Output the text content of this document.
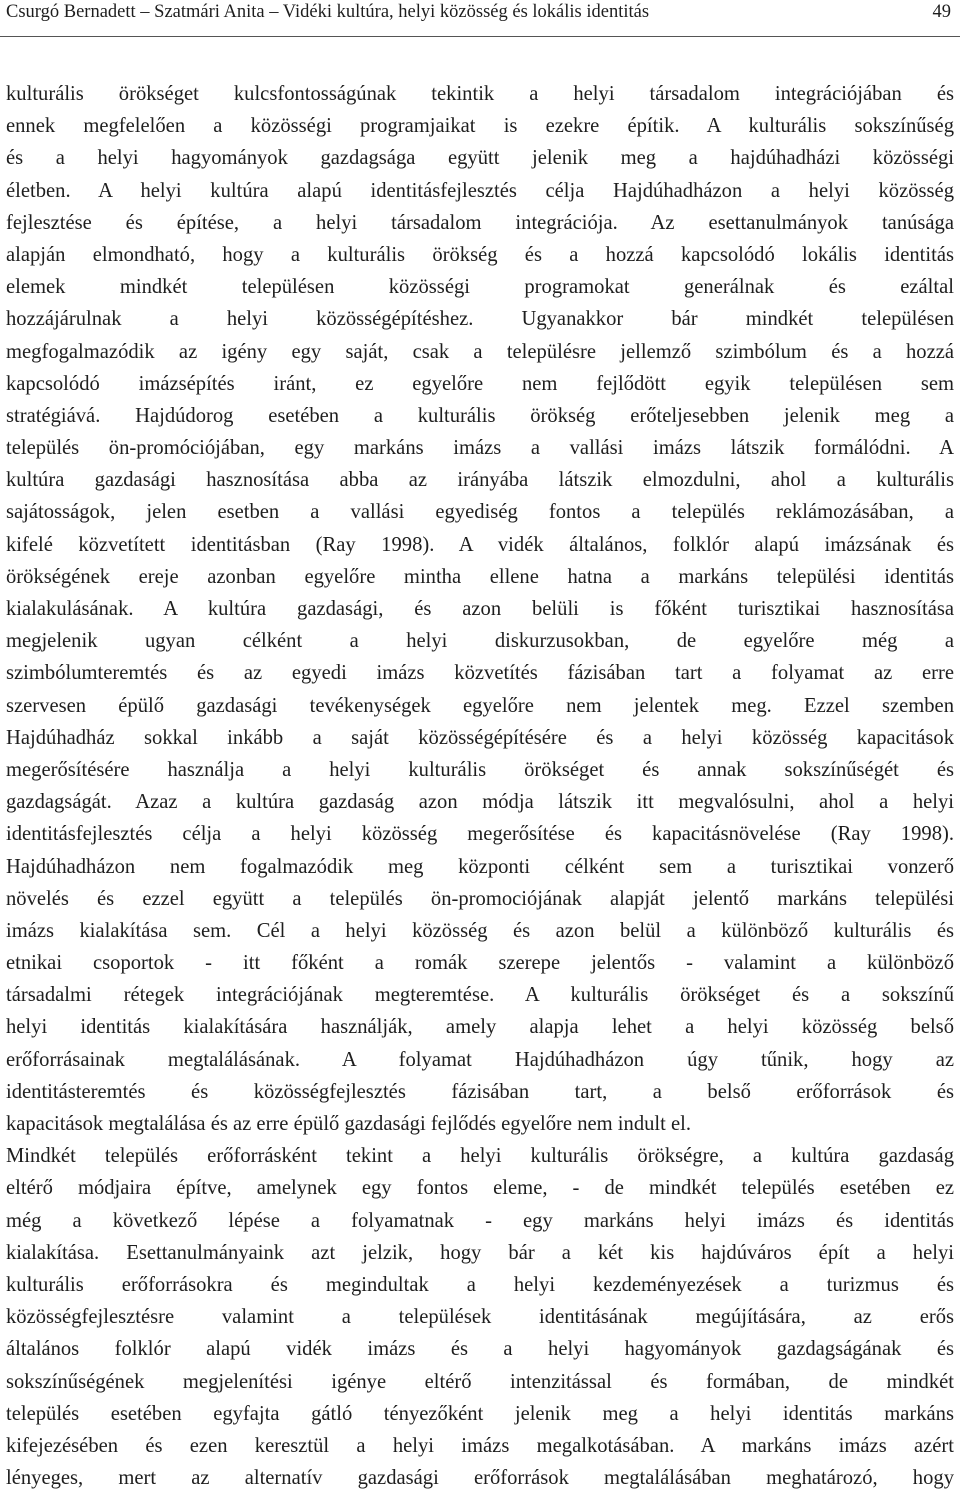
Csurgó Bernadett – Szatmári Anita – Vidéki kultúra, helyi közösség és lokális identitás	49
kulturális örökséget kulcsfontosságúnak tekintik a helyi társadalom integrációjában és
ennek megfelelően a közösségi programjaikat is ezekre építik. A kulturális sokszínűség
és a helyi hagyományok gazdagsága együtt jelenik meg a hajdúhadházi közösségi
életben. A helyi kultúra alapú identitásfejlesztés célja Hajdúhadházon a helyi közösség
fejlesztése és építése, a helyi társadalom integrációja. Az esettanulmányok tanúsága
alapján elmondható, hogy a kulturális örökség és a hozzá kapcsolódó lokális identitás
elemek mindkét településen közösségi programokat generálnak és ezáltal
hozzájárulnak a helyi közösségépítéshez. Ugyanakkor bár mindkét településen
megfogalmazódik az igény egy saját, csak a településre jellemző szimbólum és a hozzá
kapcsolódó imázsépítés iránt, ez egyelőre nem fejlődött egyik településen sem
stratégiává. Hajdúdorog esetében a kulturális örökség erőteljesebben jelenik meg a
település ön-promóciójában, egy markáns imázs a vallási imázs látszik formálódni. A
kultúra gazdasági hasznosítása abba az irányába látszik elmozdulni, ahol a kulturális
sajátosságok, jelen esetben a vallási egyediség fontos a település reklámozásában, a
kifelé közvetített identitásban (Ray 1998). A vidék általános, folklór alapú imázsának és
örökségének ereje azonban egyelőre mintha ellene hatna a markáns települési identitás
kialakulásának. A kultúra gazdasági, és azon belüli is főként turisztikai hasznosítása
megjelenik ugyan célként a helyi diskurzusokban, de egyelőre még a
szimbólumteremtés és az egyedi imázs közvetítés fázisában tart a folyamat az erre
szervesen épülő gazdasági tevékenységek egyelőre nem jelentek meg. Ezzel szemben
Hajdúhadház sokkal inkább a saját közösségépítésére és a helyi közösség kapacitások
megerősítésére használja a helyi kulturális örökséget és annak sokszínűségét és
gazdagságát. Azaz a kultúra gazdaság azon módja látszik itt megvalósulni, ahol a helyi
identitásfejlesztés célja a helyi közösség megerősítése és kapacitásnövelése (Ray 1998).
Hajdúhadházon nem fogalmazódik meg központi célként sem a turisztikai vonzerő
növelés és ezzel együtt a település ön-promociójának alapját jelentő markáns települési
imázs kialakítása sem. Cél a helyi közösség és azon belül a különböző kulturális és
etnikai csoportok - itt főként a romák szerepe jelentős - valamint a különböző
társadalmi rétegek integrációjának megteremtése. A kulturális örökséget és a sokszínű
helyi identitás kialakítására használják, amely alapja lehet a helyi közösség belső
erőforrásainak megtalálásának. A folyamat Hajdúhadházon úgy tűnik, hogy az
identitásteremtés és közösségfejlesztés fázisában tart, a belső erőforrások és
kapacitások megtalálása és az erre épülő gazdasági fejlődés egyelőre nem indult el.
Mindkét település erőforrásként tekint a helyi kulturális örökségre, a kultúra gazdaság
eltérő módjaira építve, amelynek egy fontos eleme, - de mindkét település esetében ez
még a következő lépése a folyamatnak - egy markáns helyi imázs és identitás
kialakítása. Esettanulmányaink azt jelzik, hogy bár a két kis hajdúváros épít a helyi
kulturális erőforrásokra és megindultak a helyi kezdeményezések a turizmus és
közösségfejlesztésre valamint a települések identitásának megújítására, az erős
általános folklór alapú vidék imázs és a helyi hagyományok gazdagságának és
sokszínűségének megjelenítési igénye eltérő intenzitással és formában, de mindkét
település esetében egyfajta gátló tényezőként jelenik meg a helyi identitás markáns
kifejezésében és ezen keresztül a helyi imázs megalkotásában. A markáns imázs azért
lényeges, mert az alternatív gazdasági erőforrások megtalálásában meghatározó, hogy
